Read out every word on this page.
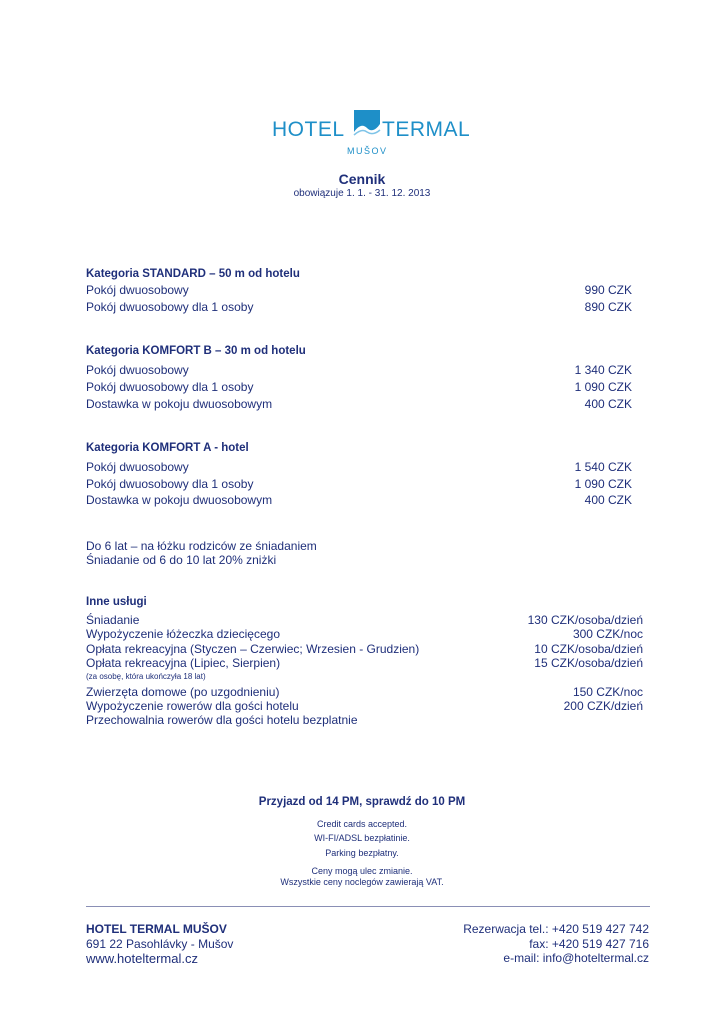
HOTEL TERMAL
MUŠOV
Cennik
obowiązuje 1. 1. - 31. 12. 2013
Kategoria STANDARD – 50 m od hotelu
Pokój dwuosobowy	990 CZK
Pokój dwuosobowy dla 1 osoby	890 CZK
Kategoria KOMFORT B – 30 m od hotelu
Pokój dwuosobowy	1 340 CZK
Pokój dwuosobowy dla 1 osoby	1 090 CZK
Dostawka w pokoju dwuosobowym	400 CZK
Kategoria KOMFORT A - hotel
Pokój dwuosobowy	1 540 CZK
Pokój dwuosobowy dla 1 osoby	1 090 CZK
Dostawka w pokoju dwuosobowym	400 CZK
Do 6 lat – na łóżku rodziców ze śniadaniem
Śniadanie od 6 do 10 lat 20% zniżki
Inne usługi
Śniadanie	130 CZK/osoba/dzień
Wypożyczenie łóżeczka dziecięcego	300 CZK/noc
Opłata rekreacyjna (Styczen – Czerwiec; Wrzesien - Grudzien)	10 CZK/osoba/dzień
Opłata rekreacyjna (Lipiec, Sierpien)	15 CZK/osoba/dzień
(za osobę, która ukończyła 18 lat)
Zwierzęta domowe (po uzgodnieniu)	150 CZK/noc
Wypożyczenie rowerów dla gości hotelu	200 CZK/dzień
Przechowalnia rowerów dla gości hotelu bezplatnie
Przyjazd od 14 PM, sprawdź do 10 PM
Credit cards accepted.
WI-FI/ADSL bezpłatinie.
Parking bezpłatny.
Ceny mogą ulec zmianie.
Wszystkie ceny noclegów zawierają VAT.
HOTEL TERMAL MUŠOV
691 22 Pasohlávky - Mušov
www.hoteltermal.cz
Rezerwacja tel.: +420 519 427 742
fax: +420 519 427 716
e-mail: info@hoteltermal.cz
